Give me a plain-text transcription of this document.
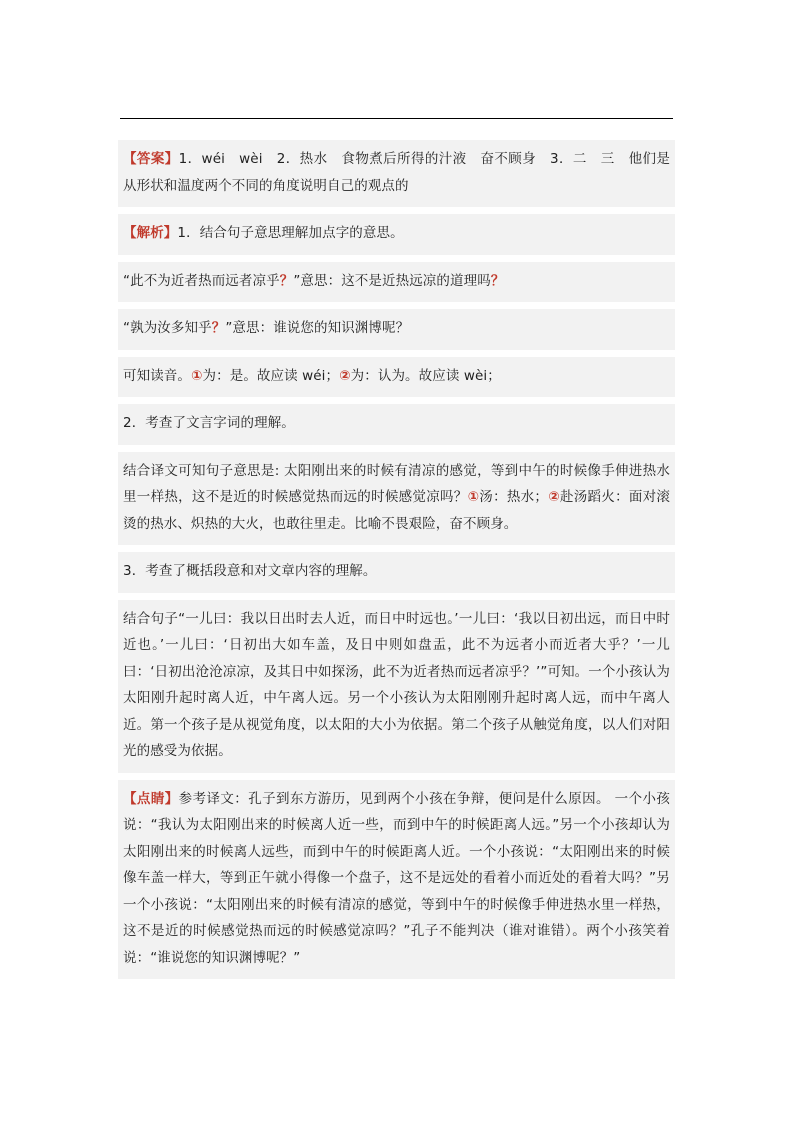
【答案】1．wéi　wèi　2．热水　食物煮后所得的汁液　奋不顾身　3．二　三　他们是从形状和温度两个不同的角度说明自己的观点的
【解析】1．结合句子意思理解加点字的意思。
“此不为近者热而远者凉乎？”意思：这不是近热远凉的道理吗？
“孰为汝多知乎？”意思：谁说您的知识渊博呢？
可知读音。①为：是。故应读 wéi；②为：认为。故应读 wèi；
2．考查了文言字词的理解。
结合译文可知句子意思是: 太阳刚出来的时候有清凉的感觉，等到中午的时候像手伸进热水里一样热，这不是近的时候感觉热而远的时候感觉凉吗？①汤：热水；②赴汤蹈火：面对滚烫的热水、炽热的大火，也敢往里走。比喻不畏艰险，奋不顾身。
3．考查了概括段意和对文章内容的理解。
结合句子“一儿曰：我以日出时去人近，而日中时远也。’一儿曰：‘我以日初出远，而日中时近也。’一儿曰：‘日初出大如车盖，及日中则如盘盂，此不为远者小而近者大乎？’一儿曰：‘日初出沧沧凉凉，及其日中如探汤，此不为近者热而远者凉乎？’”可知。一个小孩认为太阳刚升起时离人近，中午离人远。另一个小孩认为太阳刚刚升起时离人远，而中午离人近。第一个孩子是从视觉角度，以太阳的大小为依据。第二个孩子从触觉角度，以人们对阳光的感受为依据。
【点睛】参考译文：孔子到东方游历，见到两个小孩在争辩，便问是什么原因。 一个小孩说：“我认为太阳刚出来的时候离人近一些，而到中午的时候距离人远。”另一个小孩却认为太阳刚出来的时候离人远些，而到中午的时候距离人近。一个小孩说：“太阳刚出来的时候像车盖一样大，等到正午就小得像一个盘子，这不是远处的看着小而近处的看着大吗？”另一个小孩说：“太阳刚出来的时候有清凉的感觉，等到中午的时候像手伸进热水里一样热，这不是近的时候感觉热而远的时候感觉凉吗？”孔子不能判决（谁对谁错）。两个小孩笑着说：“谁说您的知识渊博呢？”
